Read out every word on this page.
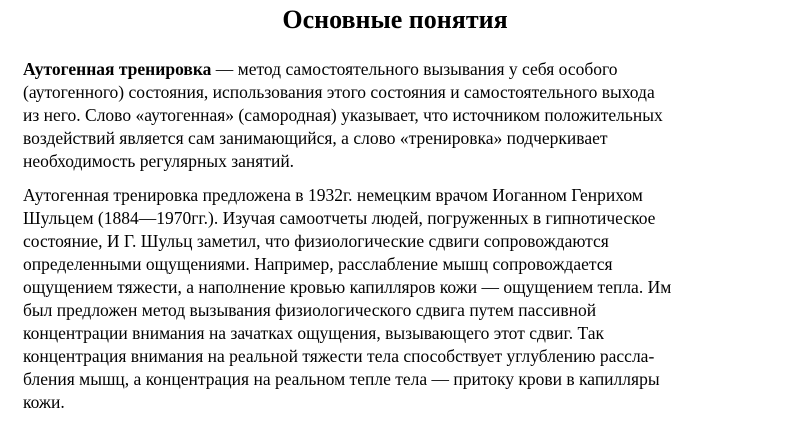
Основные понятия

Аутогенная тренировка — метод самостоятельного вызывания у себя особого

(аутогенного) состояния, использования этого состояния и самостоятельного выхода

из него. Слово «аутогенная» (самородная) указывает, что источником положительных

воздействий является сам занимающийся, а слово «тренировка» подчеркивает

необходимость регулярных занятий.

Аутогенная тренировка предложена в 1932г. немецким врачом Иоганном Генрихом

Шульцем (1884—1970гг.). Изучая самоотчеты людей, погруженных в гипнотическое

состояние, И Г. Шульц заметил, что физиологические сдвиги сопровождаются

определенными ощущениями. Например, расслабление мышц сопровождается

ощущением тяжести, а наполнение кровью капилляров кожи — ощущением тепла. Им

был предложен метод вызывания физиологического сдвига путем пассивной

концентрации внимания на зачатках ощущения, вызывающего этот сдвиг. Так

концентрация внимания на реальной тяжести тела способствует углублению рассла-

бления мышц, а концентрация на реальном тепле тела — притоку крови в капилляры

кожи.
